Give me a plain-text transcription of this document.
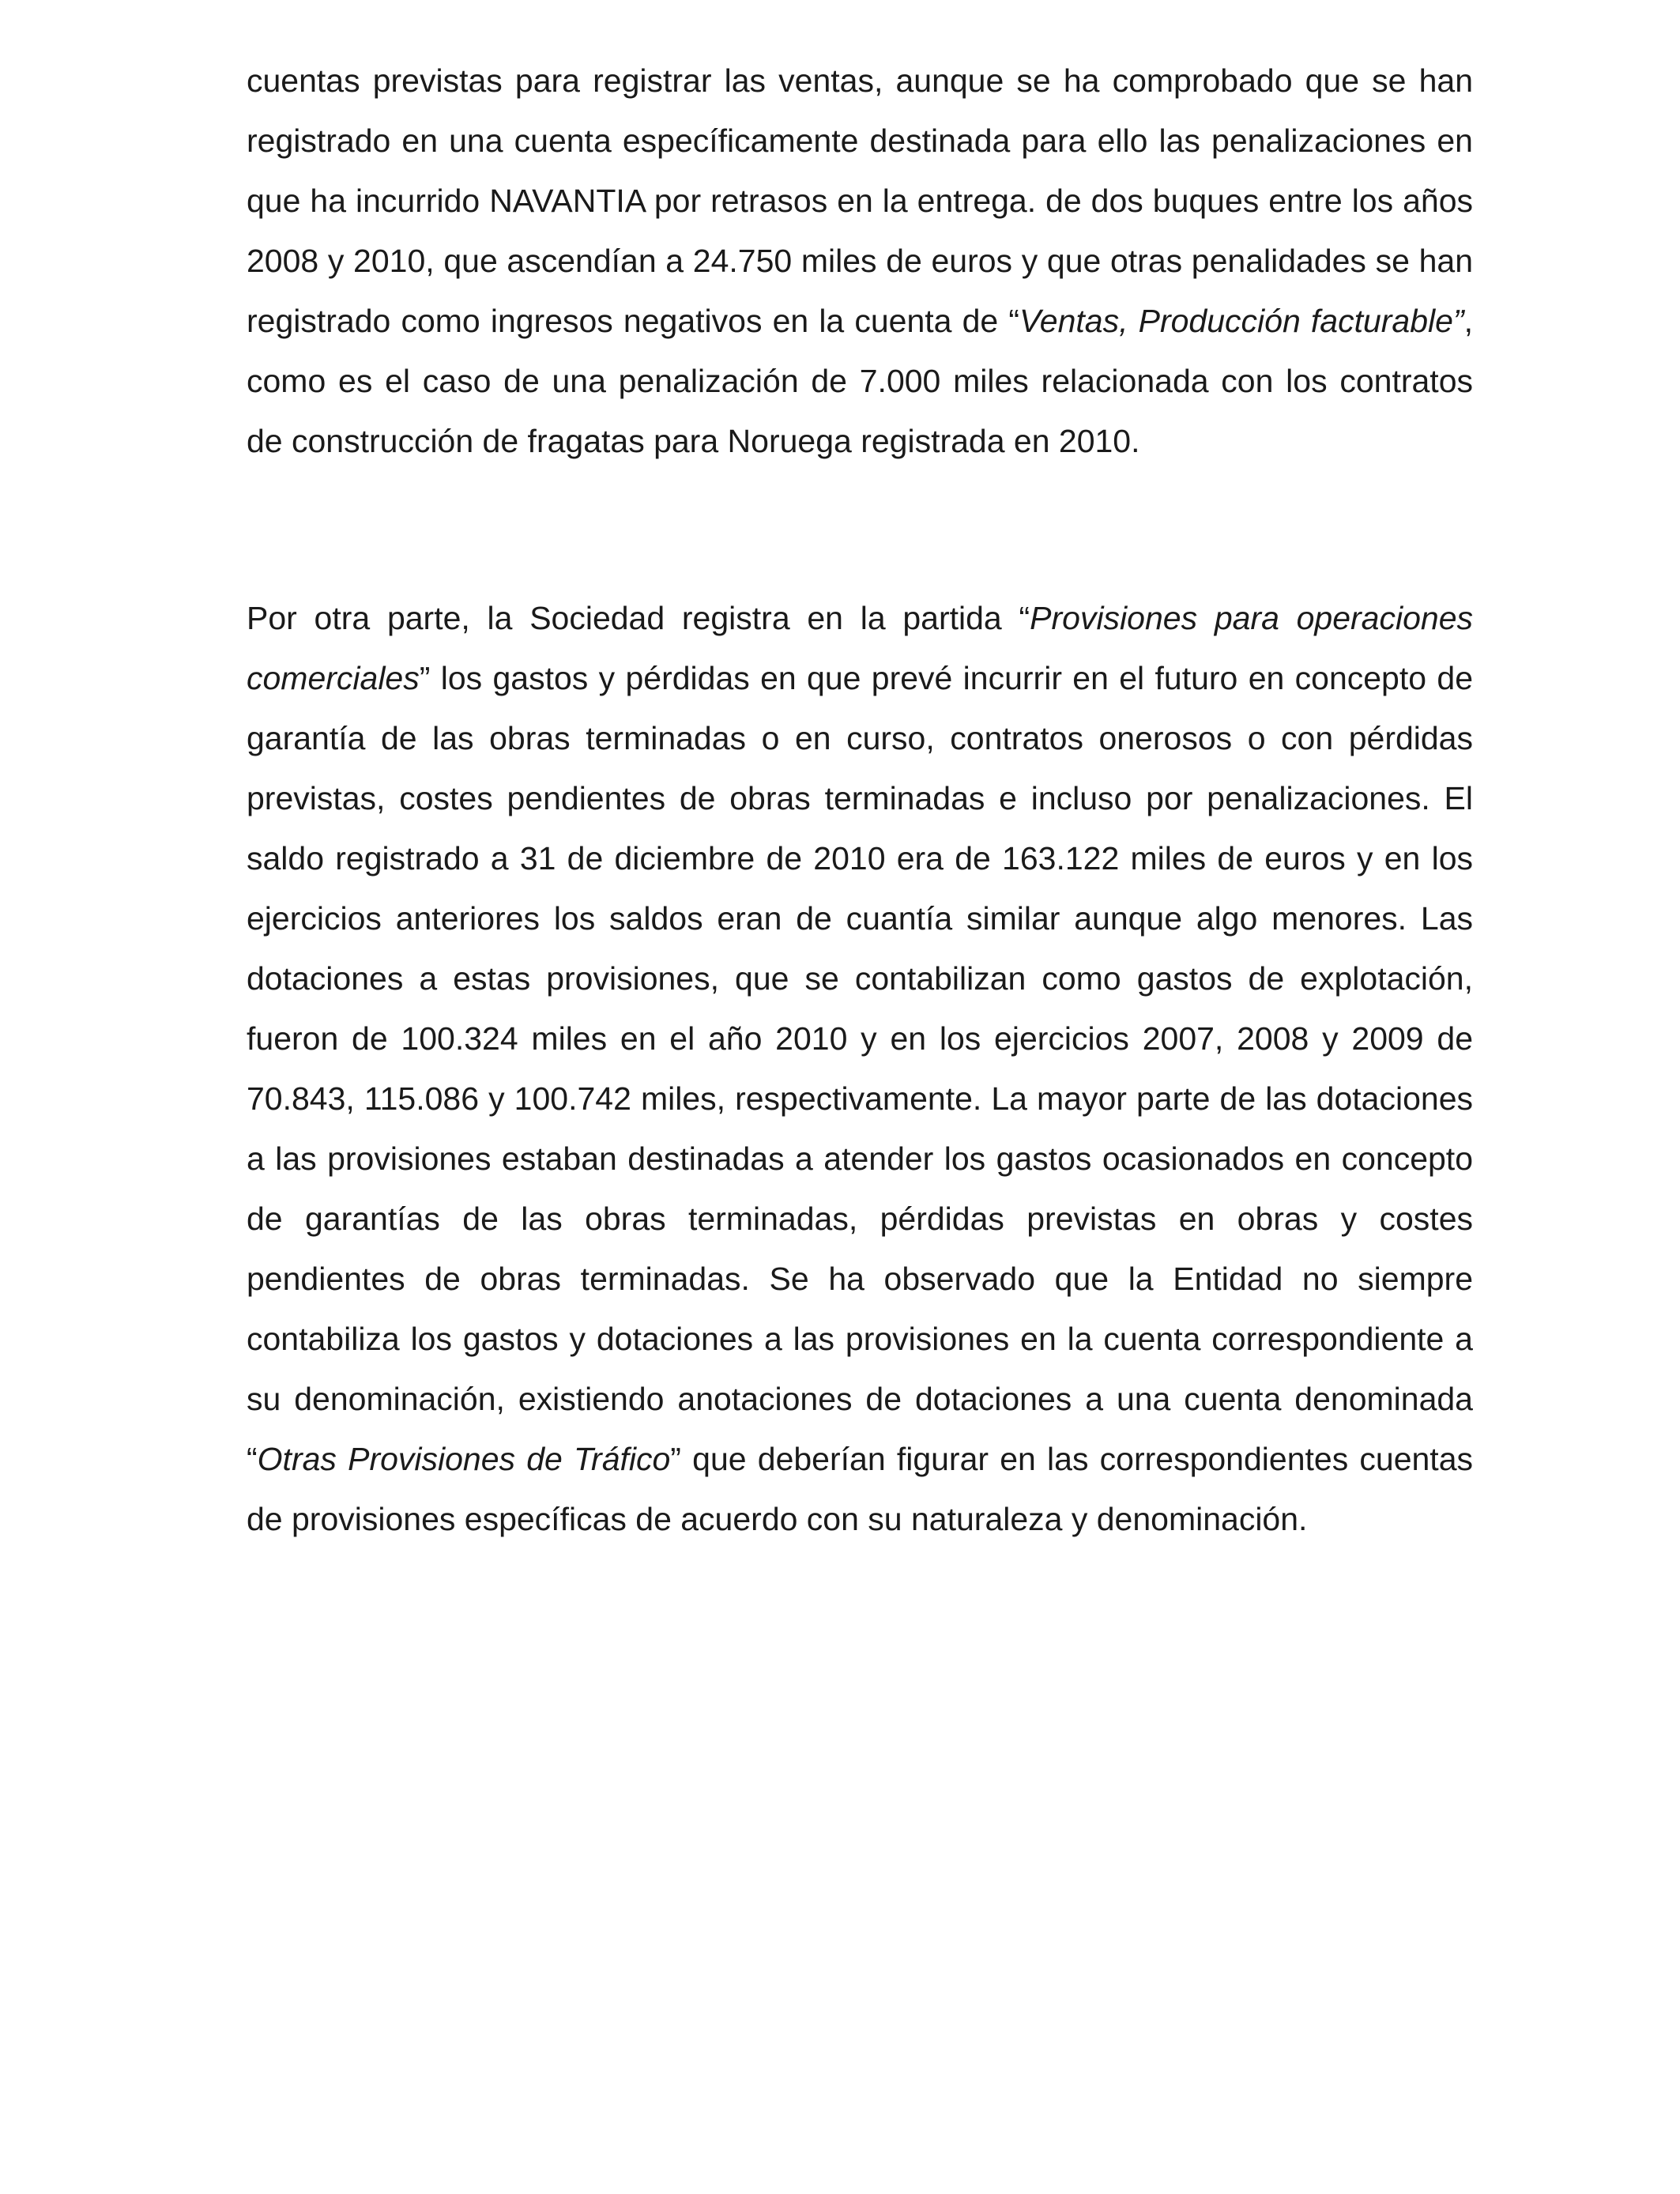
cuentas previstas para registrar las ventas, aunque se ha comprobado que se han registrado en una cuenta específicamente destinada para ello las penalizaciones en que ha incurrido NAVANTIA por retrasos en la entrega. de dos buques entre los años 2008 y 2010, que ascendían a 24.750 miles de euros y que otras penalidades se han registrado como ingresos negativos en la cuenta de “Ventas, Producción facturable”, como es el caso de una penalización de 7.000 miles relacionada con los contratos de construcción de fragatas para Noruega registrada en 2010.

Por otra parte, la Sociedad registra en la partida “Provisiones para operaciones comerciales” los gastos y pérdidas en que prevé incurrir en el futuro en concepto de garantía de las obras terminadas o en curso, contratos onerosos o con pérdidas previstas, costes pendientes de obras terminadas e incluso por penalizaciones. El saldo registrado a 31 de diciembre de 2010 era de 163.122 miles de euros y en los ejercicios anteriores los saldos eran de cuantía similar aunque algo menores. Las dotaciones a estas provisiones, que se contabilizan como gastos de explotación, fueron de 100.324 miles en el año 2010 y en los ejercicios 2007, 2008 y 2009 de 70.843, 115.086 y 100.742 miles, respectivamente. La mayor parte de las dotaciones a las provisiones estaban destinadas a atender los gastos ocasionados en concepto de garantías de las obras terminadas, pérdidas previstas en obras y costes pendientes de obras terminadas. Se ha observado que la Entidad no siempre contabiliza los gastos y dotaciones a las provisiones en la cuenta correspondiente a su denominación, existiendo anotaciones de dotaciones a una cuenta denominada “Otras Provisiones de Tráfico” que deberían figurar en las correspondientes cuentas de provisiones específicas de acuerdo con su naturaleza y denominación.
